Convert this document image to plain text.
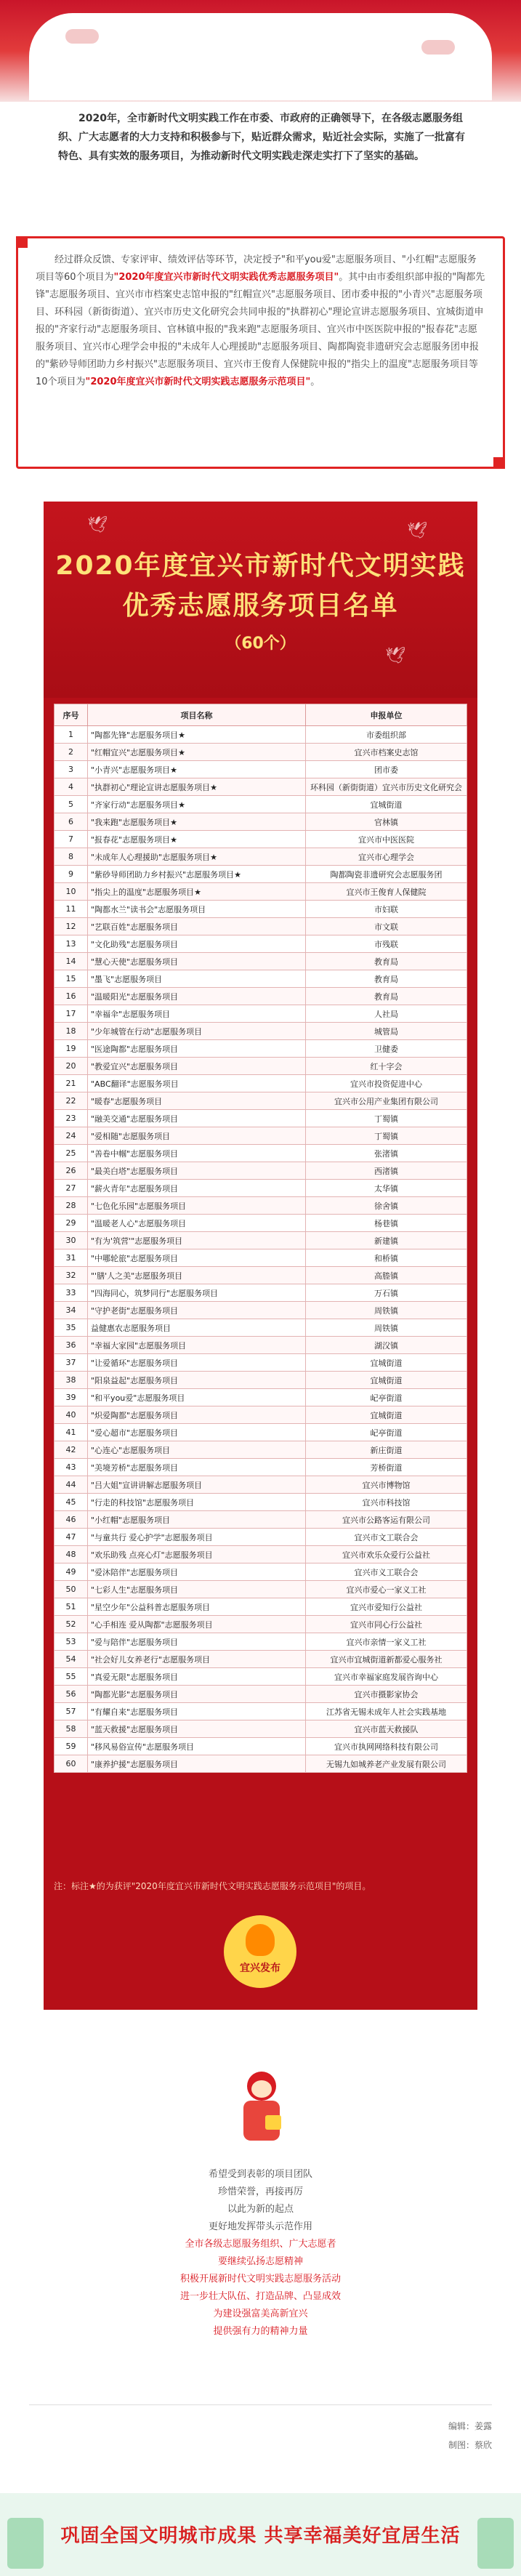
2020年，全市新时代文明实践工作在市委、市政府的正确领导下，在各级志愿服务组织、广大志愿者的大力支持和积极参与下，贴近群众需求，贴近社会实际，实施了一批富有特色、具有实效的服务项目，为推动新时代文明实践走深走实打下了坚实的基础。

经过群众反馈、专家评审、绩效评估等环节，决定授予"和平you爱"志愿服务项目、"小红帽"志愿服务项目等60个项目为"2020年度宜兴市新时代文明实践优秀志愿服务项目"。其中由市委组织部申报的"陶都先锋"志愿服务项目、宜兴市市档案史志馆申报的"红帽宣兴"志愿服务项目、团市委申报的"小青兴"志愿服务项目、环科园（新街街道）、宜兴市历史文化研究会共同申报的"执群初心"理论宣讲志愿服务项目、宜城街道申报的"齐家行动"志愿服务项目、官林镇申报的"我来跑"志愿服务项目、宜兴市中医医院申报的"报春花"志愿服务项目、宜兴市心理学会申报的"未成年人心理援助"志愿服务项目、陶都陶瓷非遗研究会志愿服务团申报的"紫砂导师团助力乡村振兴"志愿服务项目、宜兴市王俊育人保健院申报的"指尖上的温度"志愿服务项目等10个项目为"2020年度宜兴市新时代文明实践志愿服务示范项目"。

🕊	🕊
🕊
2020年度宜兴市新时代文明实践
优秀志愿服务项目名单
（60个）
序号	项目名称	申报单位
1	"陶都先锋"志愿服务项目★	市委组织部
2	"红帽宜兴"志愿服务项目★	宜兴市档案史志馆
3	"小青兴"志愿服务项目★	团市委
4	"执群初心"理论宣讲志愿服务项目★	环科园（新街街道）宜兴市历史文化研究会
5	"齐家行动"志愿服务项目★	宜城街道
6	"我来跑"志愿服务项目★	官林镇
7	"报春花"志愿服务项目★	宜兴市中医医院
8	"未成年人心理援助"志愿服务项目★	宜兴市心理学会
9	"紫砂导师团助力乡村振兴"志愿服务项目★	陶都陶瓷非遗研究会志愿服务团
10	"指尖上的温度"志愿服务项目★	宜兴市王俊育人保健院
11	"陶都水兰"读书会"志愿服务项目	市妇联
12	"艺联百姓"志愿服务项目	市文联
13	"文化助残"志愿服务项目	市残联
14	"慧心天使"志愿服务项目	教育局
15	"墨飞"志愿服务项目	教育局
16	"温暖阳光"志愿服务项目	教育局
17	"幸福伞"志愿服务项目	人社局
18	"少年城管在行动"志愿服务项目	城管局
19	"医途陶都"志愿服务项目	卫健委
20	"教爱宜兴"志愿服务项目	红十字会
21	"ABC翻译"志愿服务项目	宜兴市投资促进中心
22	"暖春"志愿服务项目	宜兴市公用产业集团有限公司
23	"融美交通"志愿服务项目	丁蜀镇
24	"爱相随"志愿服务项目	丁蜀镇
25	"善卷中帼"志愿服务项目	张渚镇
26	"最美白塔"志愿服务项目	西渚镇
27	"薪火青年"志愿服务项目	太华镇
28	"七色化乐园"志愿服务项目	徐舍镇
29	"温暖老人心"志愿服务项目	杨巷镇
30	"有为'筑营'"志愿服务项目	新建镇
31	"中哪轮旅"志愿服务项目	和桥镇
32	"'膳'人之美"志愿服务项目	高塍镇
33	"四海同心，筑梦同行"志愿服务项目	万石镇
34	"守护老街"志愿服务项目	周铁镇
35	益健惠农志愿服务项目	周铁镇
36	"幸福大家园"志愿服务项目	湖㳇镇
37	"让爱循环"志愿服务项目	宜城街道
38	"阳泉益起"志愿服务项目	宜城街道
39	"和平you爱"志愿服务项目	屺亭街道
40	"炽爱陶都"志愿服务项目	宜城街道
41	"爱心超市"志愿服务项目	屺亭街道
42	"心连心"志愿服务项目	新庄街道
43	"美境芳桥"志愿服务项目	芳桥街道
44	"吕大姐"宣讲讲解志愿服务项目	宜兴市博物馆
45	"行走的科技馆"志愿服务项目	宜兴市科技馆
46	"小红帽"志愿服务项目	宜兴市公路客运有限公司
47	"与童共行 爱心护学"志愿服务项目	宜兴市文工联合会
48	"欢乐助残 点亮心灯"志愿服务项目	宜兴市欢乐众爱行公益社
49	"爱沐陪伴"志愿服务项目	宜兴市义工联合会
50	"七彩人生"志愿服务项目	宜兴市爱心一家义工社
51	"星空少年"公益科普志愿服务项目	宜兴市爱知行公益社
52	"心手相连 爱从陶都"志愿服务项目	宜兴市同心行公益社
53	"爱与陪伴"志愿服务项目	宜兴市亲情一家义工社
54	"社会好儿女养老行"志愿服务项目	宜兴市宜城街道新都爱心服务社
55	"真爱无限"志愿服务项目	宜兴市幸福家庭发展咨询中心
56	"陶都光影"志愿服务项目	宜兴市摄影家协会
57	"有耀自来"志愿服务项目	江苏省无锡未成年人社会实践基地
58	"蓝天救援"志愿服务项目	宜兴市蓝天救援队
59	"移风易俗宣传"志愿服务项目	宜兴市执网网络科技有限公司
60	"康养护援"志愿服务项目	无锡九如城养老产业发展有限公司

注：标注★的为获评"2020年度宜兴市新时代文明实践志愿服务示范项目"的项目。

宜兴发布

希望受到表彰的项目团队

珍惜荣誉，再接再厉

以此为新的起点

更好地发挥带头示范作用

全市各级志愿服务组织、广大志愿者

要继续弘扬志愿精神

积极开展新时代文明实践志愿服务活动

进一步壮大队伍、打造品牌、凸显成效

为建设强富美高新宜兴

提供强有力的精神力量

编辑：姜露
制图：蔡欣
巩固全国文明城市成果 共享幸福美好宜居生活
